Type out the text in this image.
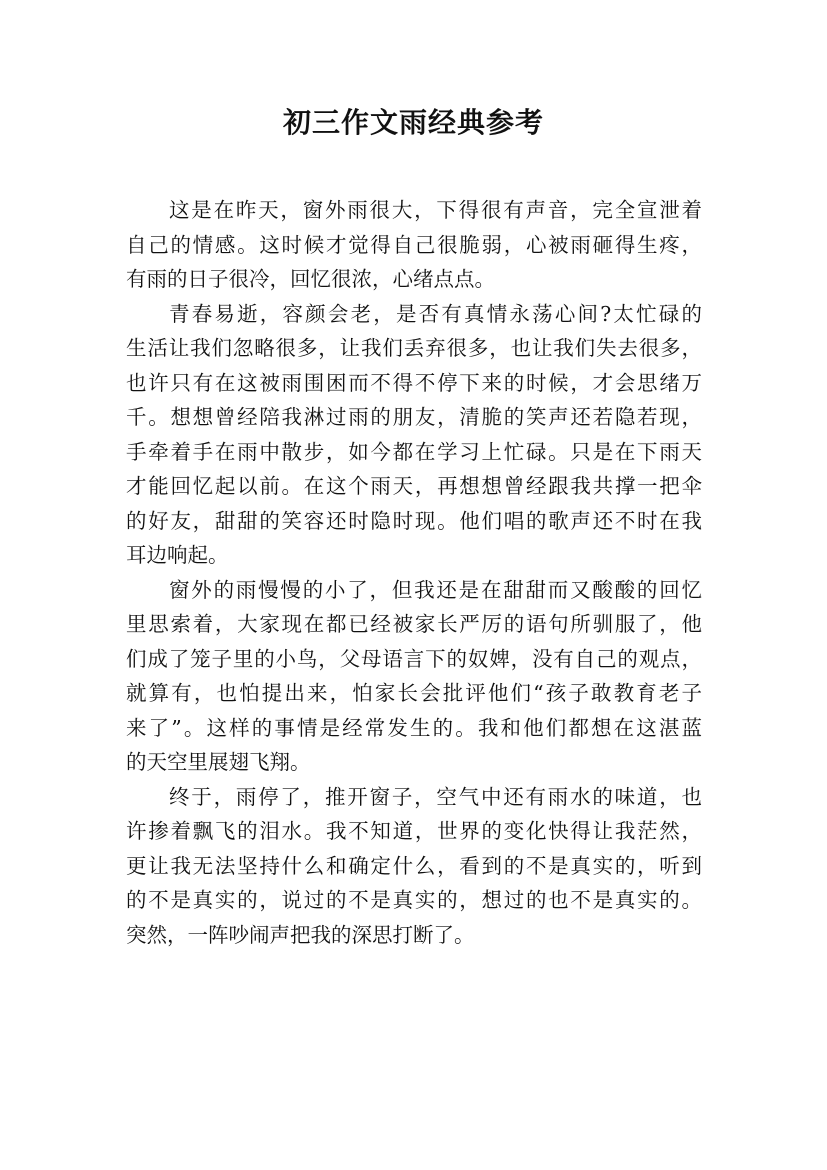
初三作文雨经典参考
这是在昨天，窗外雨很大，下得很有声音，完全宣泄着
自己的情感。这时候才觉得自己很脆弱，心被雨砸得生疼，
有雨的日子很冷，回忆很浓，心绪点点。
青春易逝，容颜会老，是否有真情永荡心间?太忙碌的
生活让我们忽略很多，让我们丢弃很多，也让我们失去很多，
也许只有在这被雨围困而不得不停下来的时候，才会思绪万
千。想想曾经陪我淋过雨的朋友，清脆的笑声还若隐若现，
手牵着手在雨中散步，如今都在学习上忙碌。只是在下雨天
才能回忆起以前。在这个雨天，再想想曾经跟我共撑一把伞
的好友，甜甜的笑容还时隐时现。他们唱的歌声还不时在我
耳边响起。
窗外的雨慢慢的小了，但我还是在甜甜而又酸酸的回忆
里思索着，大家现在都已经被家长严厉的语句所驯服了，他
们成了笼子里的小鸟，父母语言下的奴婢，没有自己的观点，
就算有，也怕提出来，怕家长会批评他们“孩子敢教育老子
来了”。这样的事情是经常发生的。我和他们都想在这湛蓝
的天空里展翅飞翔。
终于，雨停了，推开窗子，空气中还有雨水的味道，也
许掺着飘飞的泪水。我不知道，世界的变化快得让我茫然，
更让我无法坚持什么和确定什么，看到的不是真实的，听到
的不是真实的，说过的不是真实的，想过的也不是真实的。
突然，一阵吵闹声把我的深思打断了。
